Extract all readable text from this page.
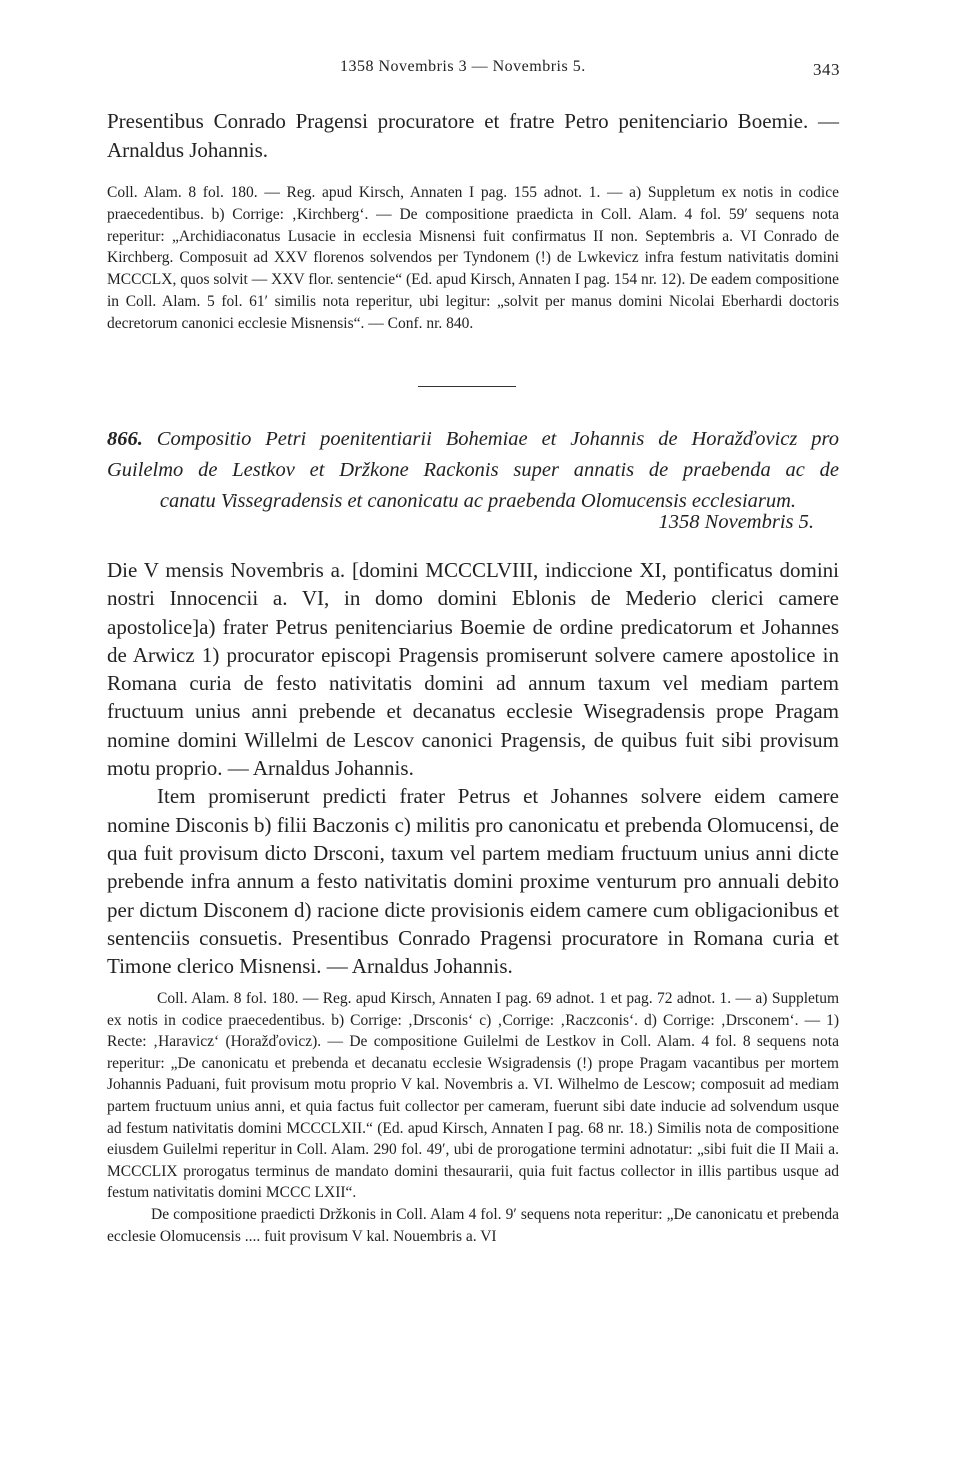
1358 Novembris 3 — Novembris 5.	343

Presentibus Conrado Pragensi procuratore et fratre Petro penitenciario Boemie. — Arnaldus Johannis.

Coll. Alam. 8 fol. 180. — Reg. apud Kirsch, Annaten I pag. 155 adnot. 1. — a) Suppletum ex notis in codice praecedentibus. b) Corrige: ‚Kirchberg‘. — De compositione praedicta in Coll. Alam. 4 fol. 59′ sequens nota reperitur: „Archidiaconatus Lusacie in ecclesia Misnensi fuit confirmatus II non. Septembris a. VI Conrado de Kirchberg. Composuit ad XXV florenos solvendos per Tyndonem (!) de Lwkevicz infra festum nativitatis domini MCCCLX, quos solvit — XXV flor. sentencie“ (Ed. apud Kirsch, Annaten I pag. 154 nr. 12). De eadem compositione in Coll. Alam. 5 fol. 61′ similis nota reperitur, ubi legitur: „solvit per manus domini Nicolai Eberhardi doctoris decretorum canonici ecclesie Misnensis“. — Conf. nr. 840.

866. Compositio Petri poenitentiarii Bohemiae et Johannis de Horažďovicz pro
Guilelmo de Lestkov et Držkone Rackonis super annatis de praebenda ac de
canatu Vissegradensis et canonicatu ac praebenda Olomucensis ecclesiarum.
1358 Novembris 5.

Die V mensis Novembris a. [domini MCCCLVIII, indiccione XI, pontificatus domini nostri Innocencii a. VI, in domo domini Eblonis de Mederio clerici camere apostolice]a) frater Petrus penitenciarius Boemie de ordine predicatorum et Johannes de Arwicz 1) procurator episcopi Pragensis promiserunt solvere camere apostolice in Romana curia de festo nativitatis domini ad annum taxum vel mediam partem fructuum unius anni prebende et decanatus ecclesie Wisegradensis prope Pragam nomine domini Willelmi de Lescov canonici Pragensis, de quibus fuit sibi provisum motu proprio. — Arnaldus Johannis.

Item promiserunt predicti frater Petrus et Johannes solvere eidem camere nomine Disconis b) filii Baczonis c) militis pro canonicatu et prebenda Olomucensi, de qua fuit provisum dicto Drsconi, taxum vel partem mediam fructuum unius anni dicte prebende infra annum a festo nativitatis domini proxime venturum pro annuali debito per dictum Disconem d) racione dicte provisionis eidem camere cum obligacionibus et sentenciis consuetis. Presentibus Conrado Pragensi procuratore in Romana curia et Timone clerico Misnensi. — Arnaldus Johannis.

Coll. Alam. 8 fol. 180. — Reg. apud Kirsch, Annaten I pag. 69 adnot. 1 et pag. 72 adnot. 1. — a) Suppletum ex notis in codice praecedentibus. b) Corrige: ‚Drsconis‘ c) ‚Corrige: ‚Raczconis‘. d) Corrige: ‚Drsconem‘. — 1) Recte: ‚Haravicz‘ (Horažďovicz). — De compositione Guilelmi de Lestkov in Coll. Alam. 4 fol. 8 sequens nota reperitur: „De canonicatu et prebenda et decanatu ecclesie Wsigradensis (!) prope Pragam vacantibus per mortem Johannis Paduani, fuit provisum motu proprio V kal. Novembris a. VI. Wilhelmo de Lescow; composuit ad mediam partem fructuum unius anni, et quia factus fuit collector per cameram, fuerunt sibi date inducie ad solvendum usque ad festum nativitatis domini MCCCLXII.“ (Ed. apud Kirsch, Annaten I pag. 68 nr. 18.) Similis nota de compositione eiusdem Guilelmi reperitur in Coll. Alam. 290 fol. 49′, ubi de prorogatione termini adnotatur: „sibi fuit die II Maii a. MCCCLIX prorogatus terminus de mandato domini thesaurarii, quia fuit factus collector in illis partibus usque ad festum nativitatis domini MCCC LXII“.

De compositione praedicti Držkonis in Coll. Alam 4 fol. 9′ sequens nota reperitur: „De canonicatu et prebenda ecclesie Olomucensis .... fuit provisum V kal. Nouembris a. VI
